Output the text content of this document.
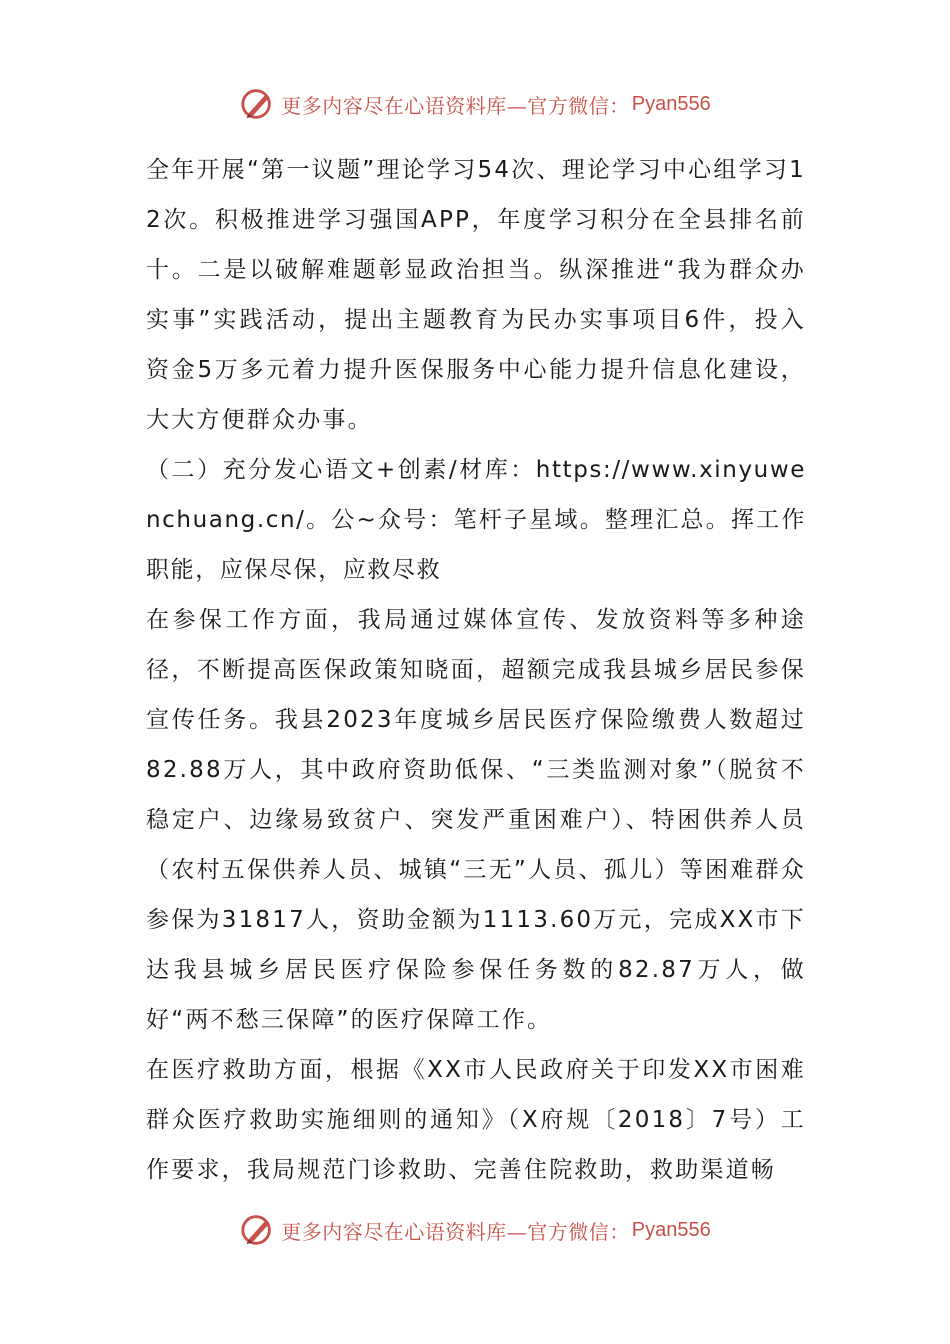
更多内容尽在心语资料库—官方微信： Pyan556

全年开展“第一议题”理论学习54次、理论学习中心组学习12次。积极推进学习强国APP，年度学习积分在全县排名前十。二是以破解难题彰显政治担当。纵深推进“我为群众办实事”实践活动，提出主题教育为民办实事项目6件，投入资金5万多元着力提升医保服务中心能力提升信息化建设，大大方便群众办事。

（二）充分发心语文+创素/材库：https://www.xinyuwenchuang.cn/。公~众号：笔杆子星域。整理汇总。挥工作职能，应保尽保，应救尽救

在参保工作方面，我局通过媒体宣传、发放资料等多种途径，不断提高医保政策知晓面，超额完成我县城乡居民参保宣传任务。我县2023年度城乡居民医疗保险缴费人数超过82.88万人，其中政府资助低保、“三类监测对象”（脱贫不稳定户、边缘易致贫户、突发严重困难户）、特困供养人员（农村五保供养人员、城镇“三无”人员、孤儿）等困难群众参保为31817人，资助金额为1113.60万元，完成XX市下达我县城乡居民医疗保险参保任务数的82.87万人，做好“两不愁三保障”的医疗保障工作。

在医疗救助方面，根据《XX市人民政府关于印发XX市困难群众医疗救助实施细则的通知》（X府规〔2018〕7号）工作要求，我局规范门诊救助、完善住院救助，救助渠道畅

更多内容尽在心语资料库—官方微信： Pyan556
